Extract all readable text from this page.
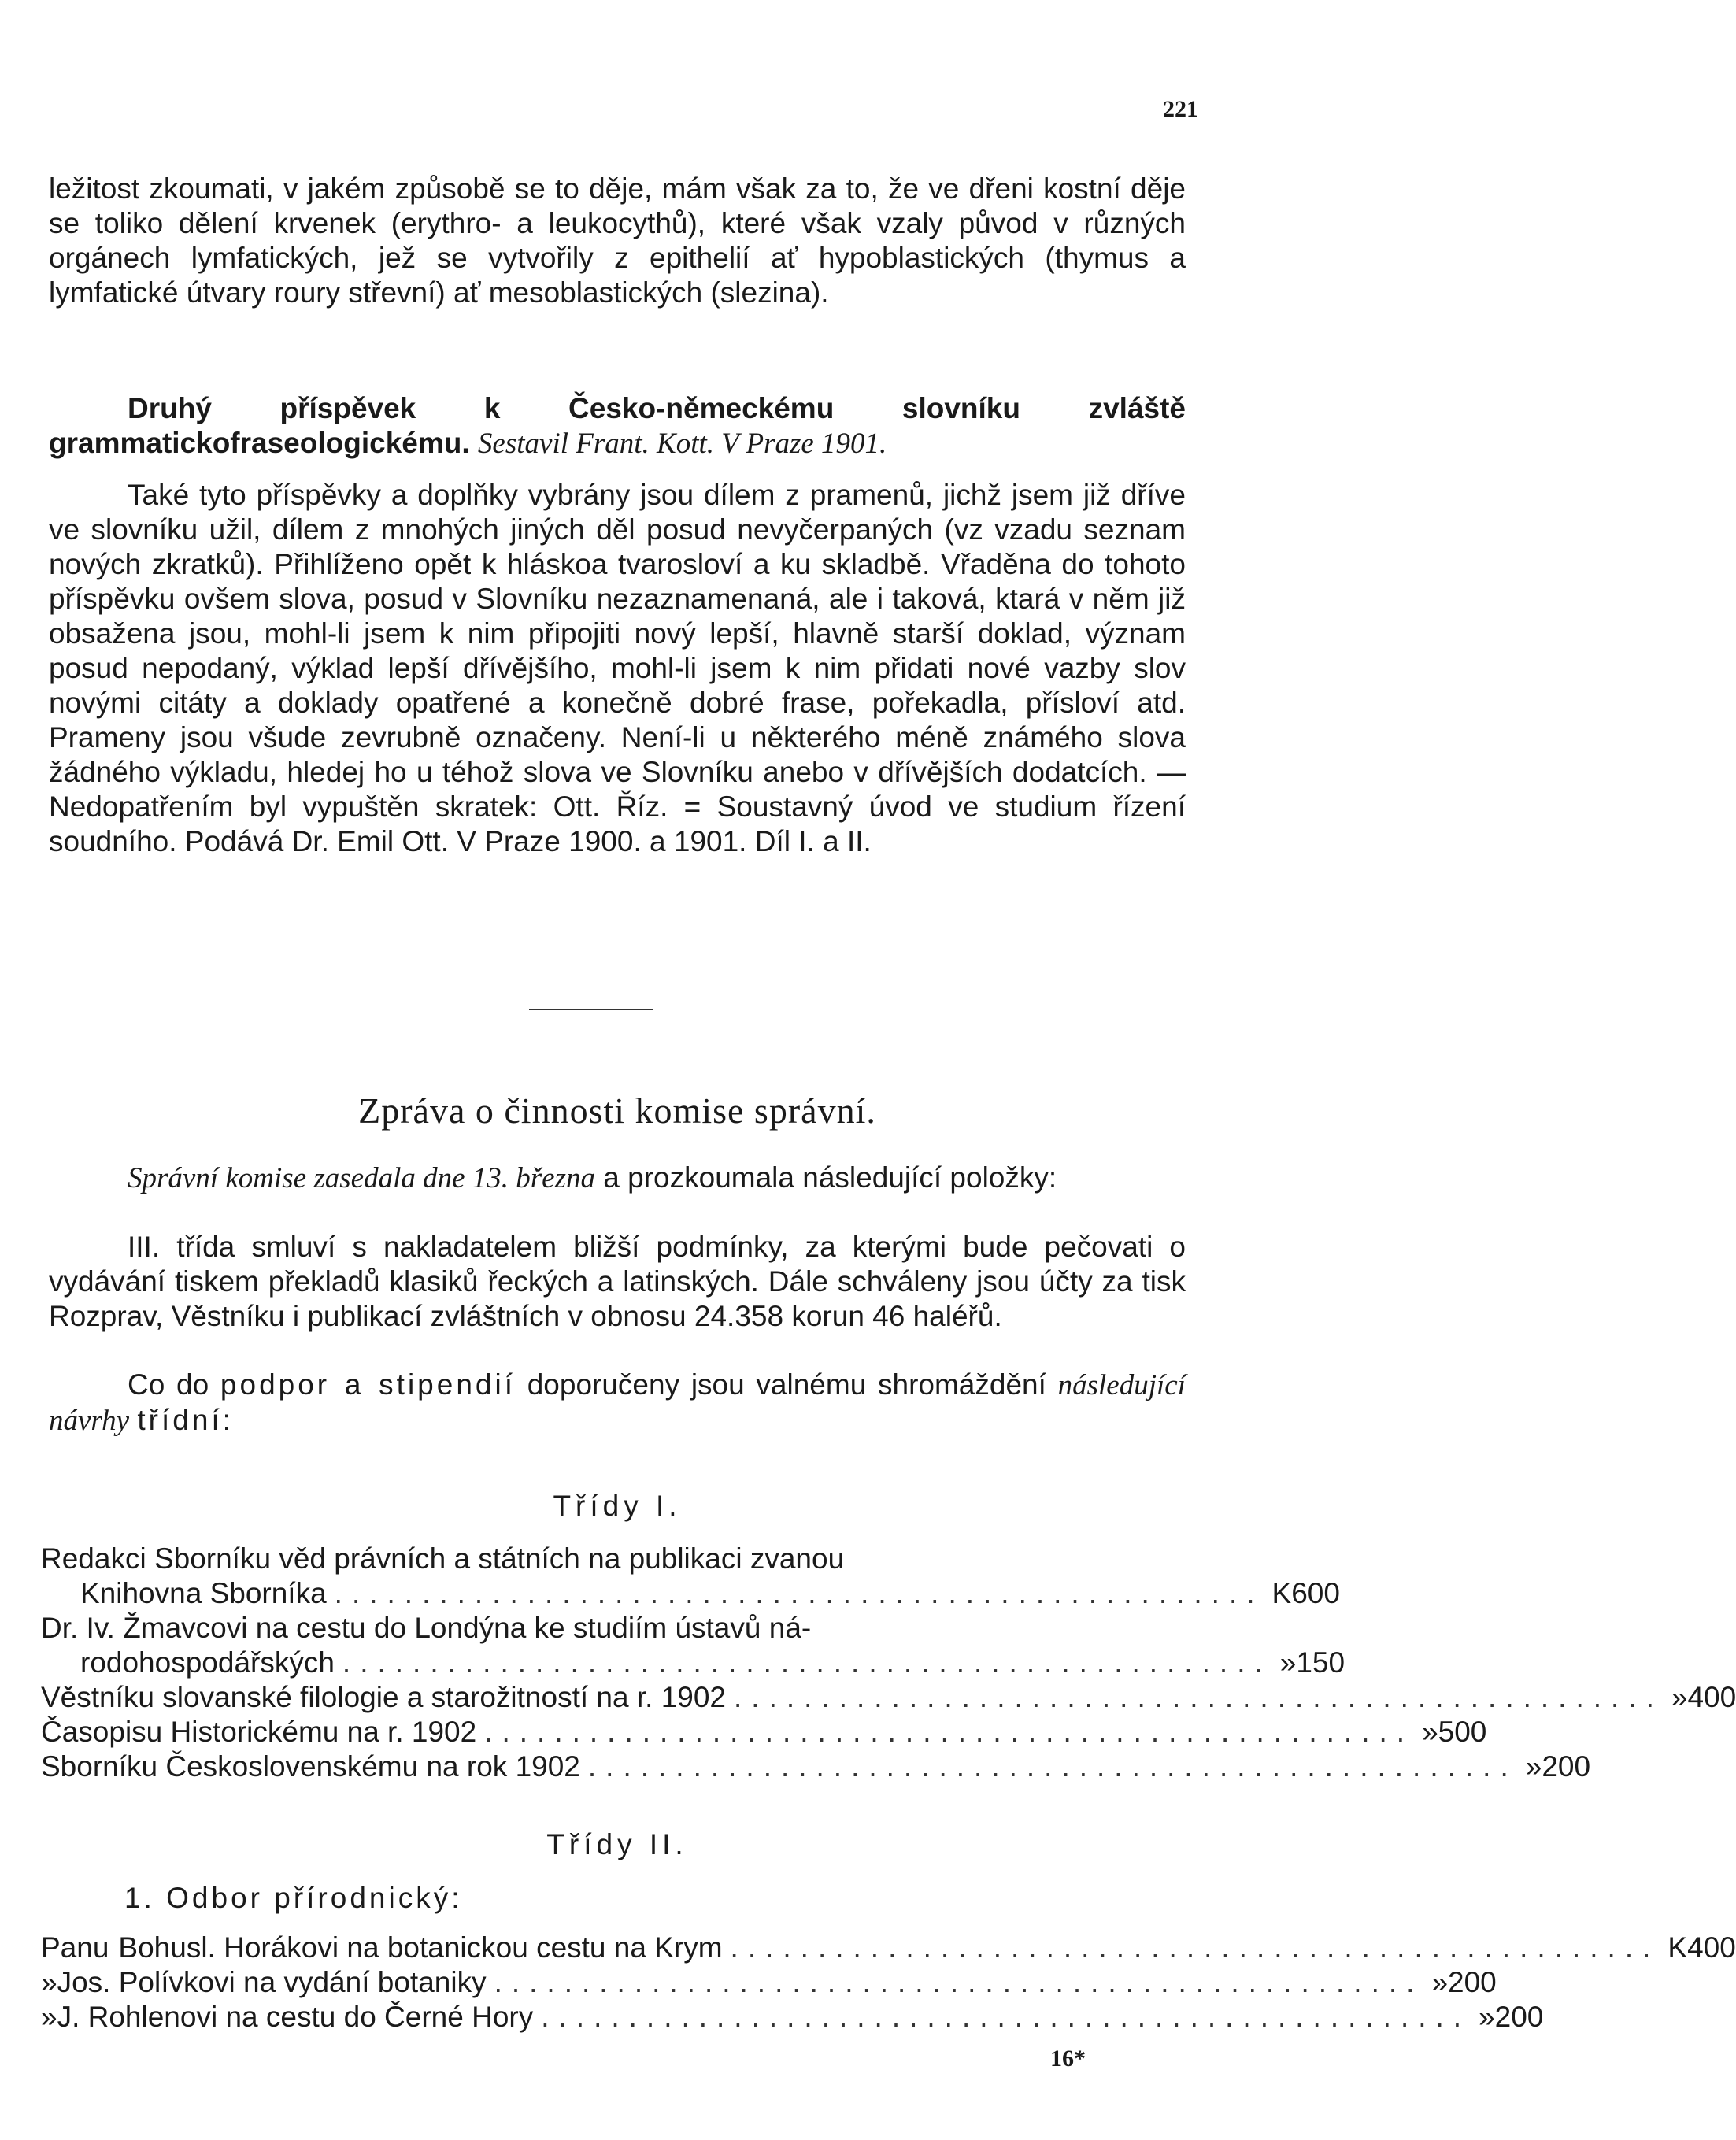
221

ležitost zkoumati, v jakém způsobě se to děje, mám však za to, že ve dřeni kostní děje se toliko dělení krvenek (erythro- a leukocythů), které však vzaly původ v různých orgánech lymfatických, jež se vytvořily z epithelií ať hypoblastických (thymus a lymfatické útvary roury střevní) ať mesoblastických (slezina).

Druhý příspěvek k Česko-německému slovníku zvláště grammatickofraseologickému. Sestavil Frant. Kott. V Praze 1901.

Také tyto příspěvky a doplňky vybrány jsou dílem z pramenů, jichž jsem již dříve ve slovníku užil, dílem z mnohých jiných děl posud nevyčerpaných (vz vzadu seznam nových zkratků). Přihlíženo opět k hláskoa tvarosloví a ku skladbě. Vřaděna do tohoto příspěvku ovšem slova, posud v Slovníku nezaznamenaná, ale i taková, ktará v něm již obsažena jsou, mohl-li jsem k nim připojiti nový lepší, hlavně starší doklad, význam posud nepodaný, výklad lepší dřívějšího, mohl-li jsem k nim přidati nové vazby slov novými citáty a doklady opatřené a konečně dobré frase, pořekadla, přísloví atd. Prameny jsou všude zevrubně označeny. Není-li u některého méně známého slova žádného výkladu, hledej ho u téhož slova ve Slovníku anebo v dřívějších dodatcích. — Nedopatřením byl vypuštěn skratek: Ott. Říz. = Soustavný úvod ve studium řízení soudního. Podává Dr. Emil Ott. V Praze 1900. a 1901. Díl I. a II.

Zpráva o činnosti komise správní.

Správní komise zasedala dne 13. března a prozkoumala následující položky:

III. třída smluví s nakladatelem bližší podmínky, za kterými bude pečovati o vydávání tiskem překladů klasiků řeckých a latinských. Dále schváleny jsou účty za tisk Rozprav, Věstníku i publikací zvláštních v obnosu 24.358 korun 46 haléřů.

Co do podpor a stipendií doporučeny jsou valnému shromáždění následující návrhy třídní:

Třídy I.
Redakci Sborníku věd právních a státních na publikaci zvanou
Knihovna Sborníka ..................................................... K 600
Dr. Iv. Žmavcovi na cestu do Londýna ke studiím ústavů ná-
rodohospodářských ..................................................... » 150
Věstníku slovanské filologie a starožitností na r. 1902 ..................................................... » 400
Časopisu Historickému na r. 1902 ..................................................... » 500
Sborníku Československému na rok 1902 ..................................................... » 200
Třídy II.
1. Odbor přírodnický:
Panu Bohusl. Horákovi na botanickou cestu na Krym ..................................................... K 400
» Jos. Polívkovi na vydání botaniky ..................................................... » 200
» J. Rohlenovi na cestu do Černé Hory ..................................................... » 200
16*
